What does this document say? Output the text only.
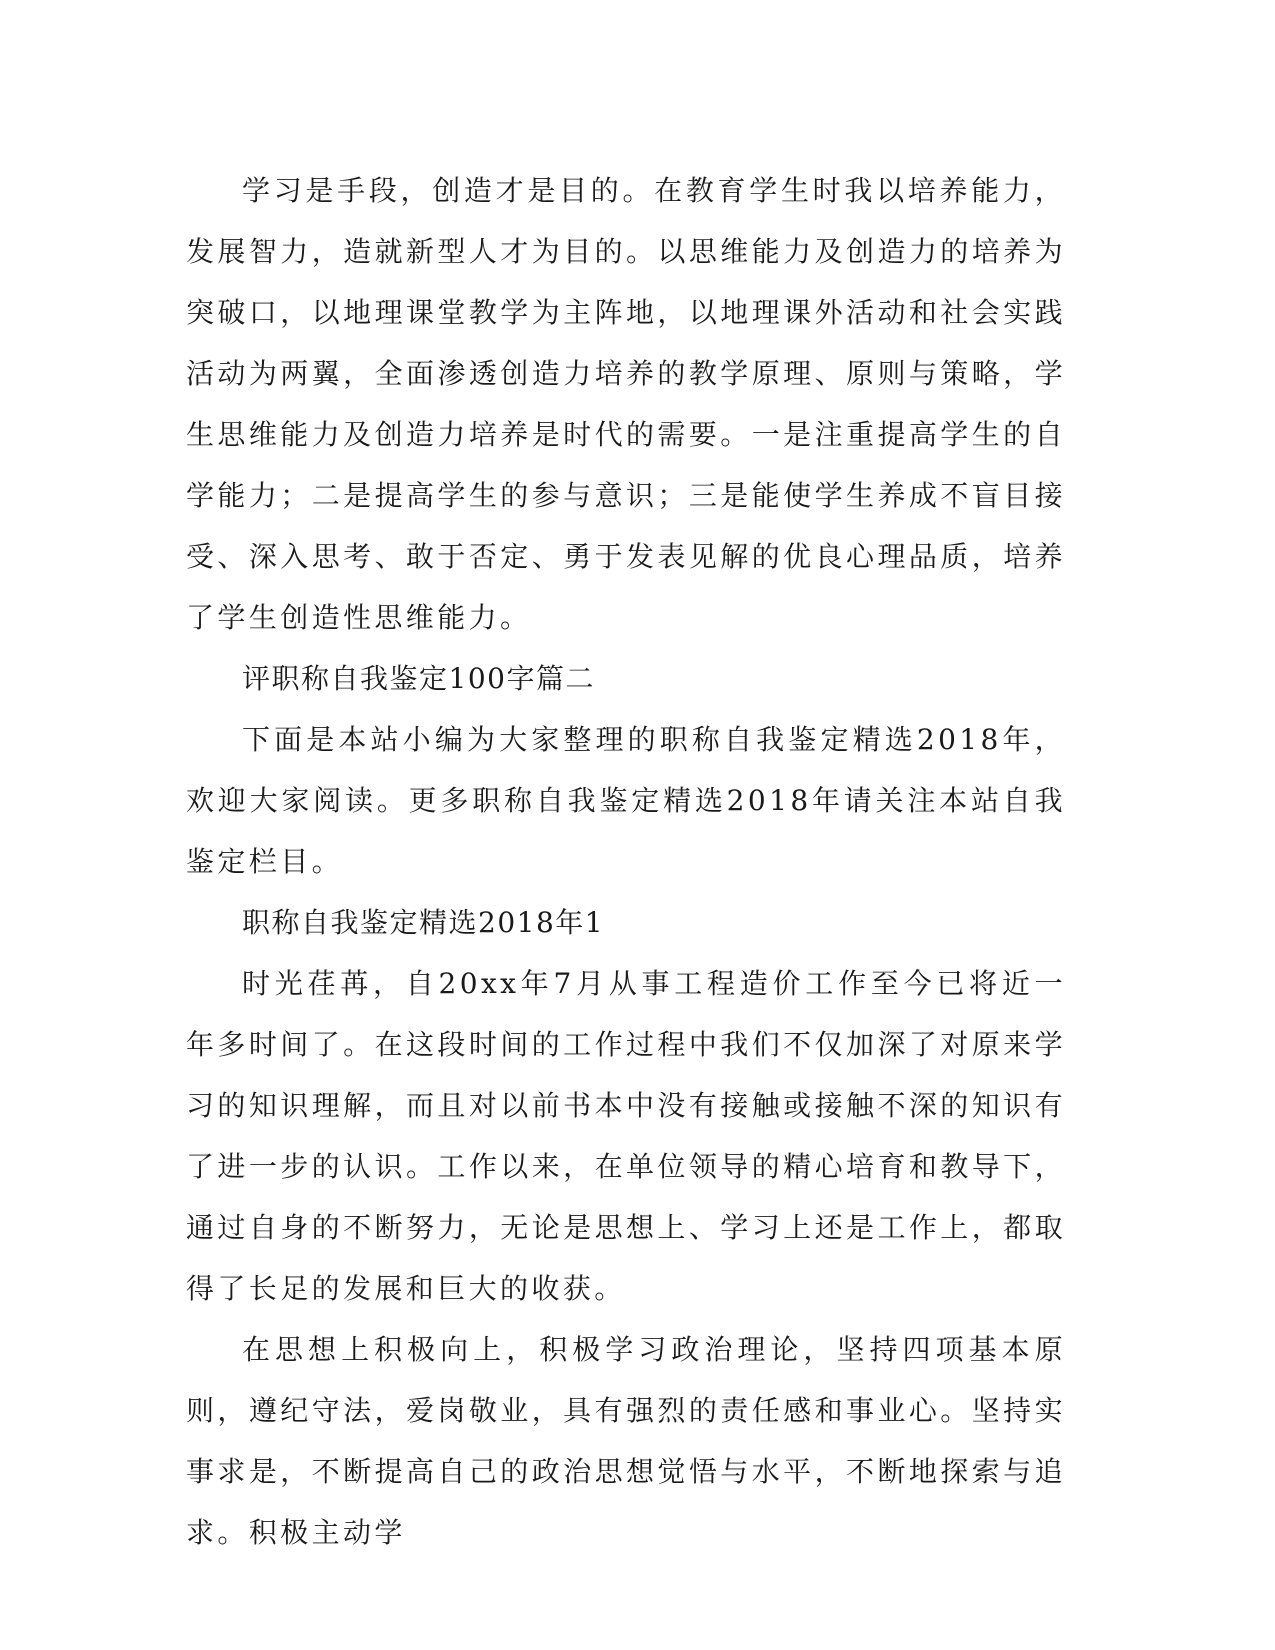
学习是手段，创造才是目的。在教育学生时我以培养能力，发展智力，造就新型人才为目的。以思维能力及创造力的培养为突破口，以地理课堂教学为主阵地，以地理课外活动和社会实践活动为两翼，全面渗透创造力培养的教学原理、原则与策略，学生思维能力及创造力培养是时代的需要。一是注重提高学生的自学能力；二是提高学生的参与意识；三是能使学生养成不盲目接受、深入思考、敢于否定、勇于发表见解的优良心理品质，培养了学生创造性思维能力。

评职称自我鉴定100字篇二

下面是本站小编为大家整理的职称自我鉴定精选2018年，欢迎大家阅读。更多职称自我鉴定精选2018年请关注本站自我鉴定栏目。

职称自我鉴定精选2018年1

时光荏苒，自20xx年7月从事工程造价工作至今已将近一年多时间了。在这段时间的工作过程中我们不仅加深了对原来学习的知识理解，而且对以前书本中没有接触或接触不深的知识有了进一步的认识。工作以来，在单位领导的精心培育和教导下，通过自身的不断努力，无论是思想上、学习上还是工作上，都取得了长足的发展和巨大的收获。

在思想上积极向上，积极学习政治理论，坚持四项基本原则，遵纪守法，爱岗敬业，具有强烈的责任感和事业心。坚持实事求是，不断提高自己的政治思想觉悟与水平，不断地探索与追求。积极主动学
